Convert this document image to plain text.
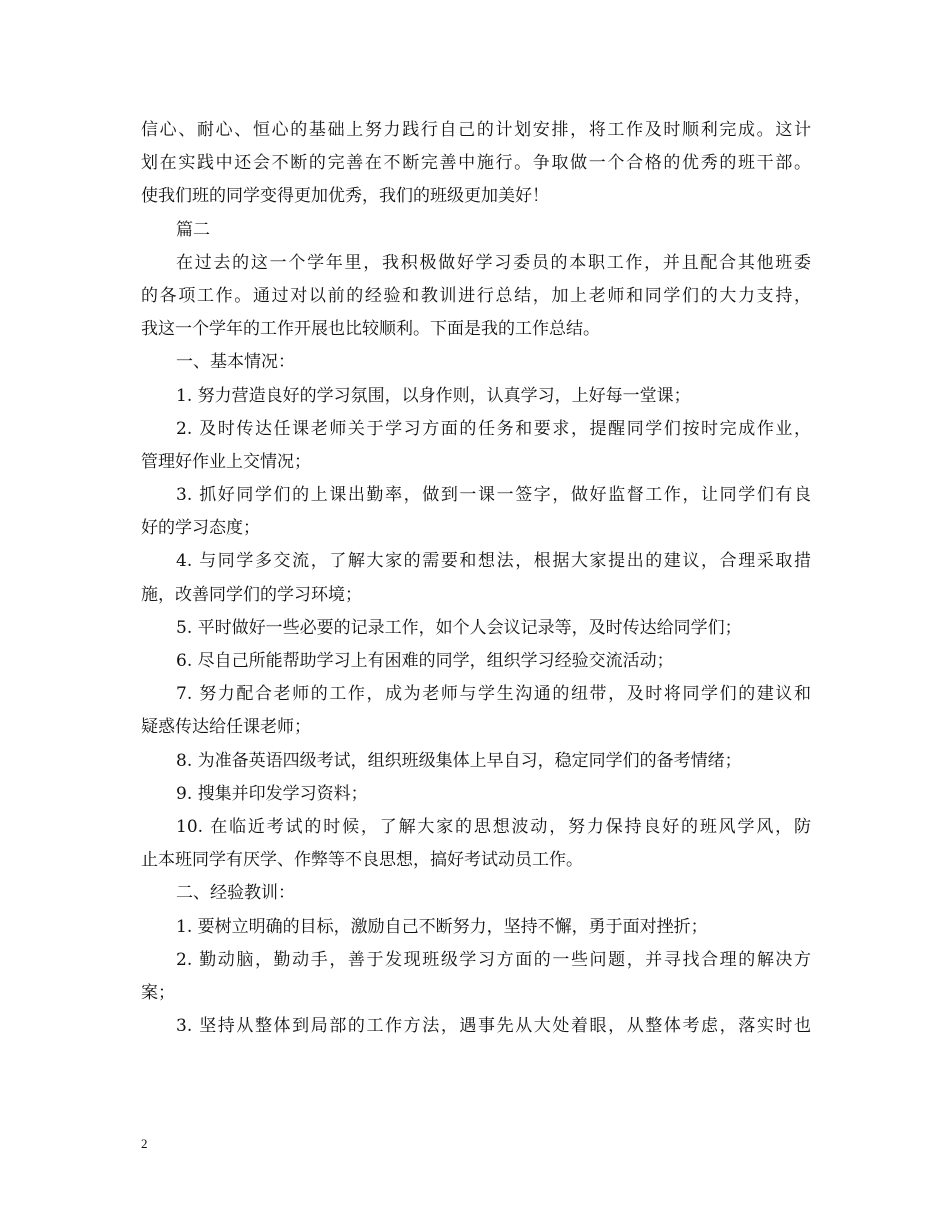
信心、耐心、恒心的基础上努力践行自己的计划安排，将工作及时顺利完成。这计
划在实践中还会不断的完善在不断完善中施行。争取做一个合格的优秀的班干部。
使我们班的同学变得更加优秀，我们的班级更加美好！
篇二
在过去的这一个学年里，我积极做好学习委员的本职工作，并且配合其他班委
的各项工作。通过对以前的经验和教训进行总结，加上老师和同学们的大力支持，
我这一个学年的工作开展也比较顺利。下面是我的工作总结。
一、基本情况：
1. 努力营造良好的学习氛围，以身作则，认真学习，上好每一堂课；
2. 及时传达任课老师关于学习方面的任务和要求，提醒同学们按时完成作业，
管理好作业上交情况；
3. 抓好同学们的上课出勤率，做到一课一签字，做好监督工作，让同学们有良
好的学习态度；
4. 与同学多交流，了解大家的需要和想法，根据大家提出的建议，合理采取措
施，改善同学们的学习环境；
5. 平时做好一些必要的记录工作，如个人会议记录等，及时传达给同学们；
6. 尽自己所能帮助学习上有困难的同学，组织学习经验交流活动；
7. 努力配合老师的工作，成为老师与学生沟通的纽带，及时将同学们的建议和
疑惑传达给任课老师；
8. 为准备英语四级考试，组织班级集体上早自习，稳定同学们的备考情绪；
9. 搜集并印发学习资料；
10. 在临近考试的时候，了解大家的思想波动，努力保持良好的班风学风，防
止本班同学有厌学、作弊等不良思想，搞好考试动员工作。
二、经验教训：
1. 要树立明确的目标，激励自己不断努力，坚持不懈，勇于面对挫折；
2. 勤动脑，勤动手，善于发现班级学习方面的一些问题，并寻找合理的解决方
案；
3. 坚持从整体到局部的工作方法，遇事先从大处着眼，从整体考虑，落实时也
2
